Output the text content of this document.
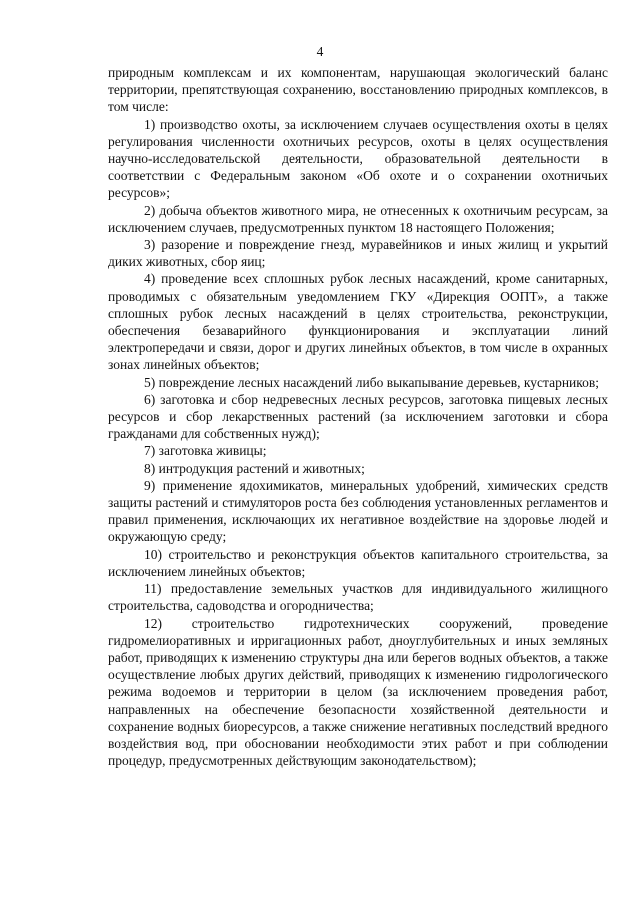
4

природным комплексам и их компонентам, нарушающая экологический баланс территории, препятствующая сохранению, восстановлению природных комплексов, в том числе:

1) производство охоты, за исключением случаев осуществления охоты в целях регулирования численности охотничьих ресурсов, охоты в целях осуществления научно-исследовательской деятельности, образовательной деятельности в соответствии с Федеральным законом «Об охоте и о сохранении охотничьих ресурсов»;

2) добыча объектов животного мира, не отнесенных к охотничьим ресурсам, за исключением случаев, предусмотренных пунктом 18 настоящего Положения;

3) разорение и повреждение гнезд, муравейников и иных жилищ и укрытий диких животных, сбор яиц;

4) проведение всех сплошных рубок лесных насаждений, кроме санитарных, проводимых с обязательным уведомлением ГКУ «Дирекция ООПТ», а также сплошных рубок лесных насаждений в целях строительства, реконструкции, обеспечения безаварийного функционирования и эксплуатации линий электропередачи и связи, дорог и других линейных объектов, в том числе в охранных зонах линейных объектов;

5) повреждение лесных насаждений либо выкапывание деревьев, кустарников;

6) заготовка и сбор недревесных лесных ресурсов, заготовка пищевых лесных ресурсов и сбор лекарственных растений (за исключением заготовки и сбора гражданами для собственных нужд);

7) заготовка живицы;

8) интродукция растений и животных;

9) применение ядохимикатов, минеральных удобрений, химических средств защиты растений и стимуляторов роста без соблюдения установленных регламентов и правил применения, исключающих их негативное воздействие на здоровье людей и окружающую среду;

10) строительство и реконструкция объектов капитального строительства, за исключением линейных объектов;

11) предоставление земельных участков для индивидуального жилищного строительства, садоводства и огородничества;

12) строительство гидротехнических сооружений, проведение гидромелиоративных и ирригационных работ, дноуглубительных и иных земляных работ, приводящих к изменению структуры дна или берегов водных объектов, а также осуществление любых других действий, приводящих к изменению гидрологического режима водоемов и территории в целом (за исключением проведения работ, направленных на обеспечение безопасности хозяйственной деятельности и сохранение водных биоресурсов, а также снижение негативных последствий вредного воздействия вод, при обосновании необходимости этих работ и при соблюдении процедур, предусмотренных действующим законодательством);
